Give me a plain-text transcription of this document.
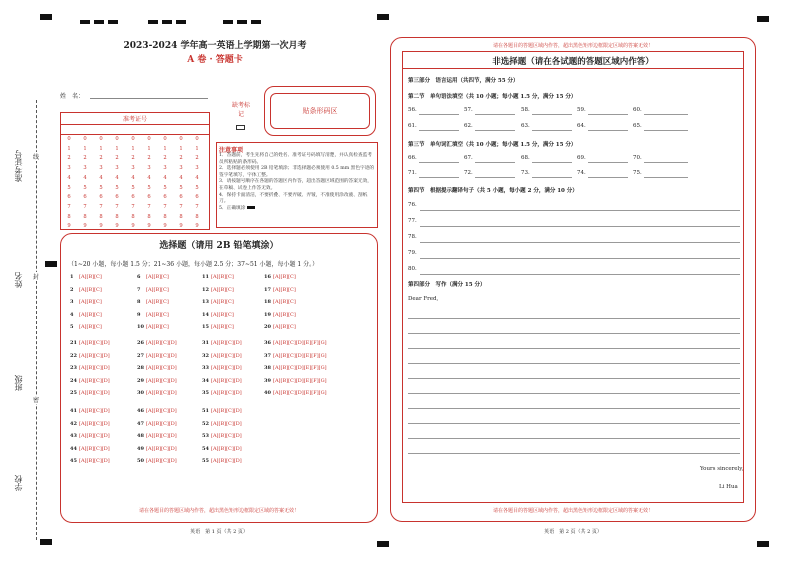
准考证号
姓名
班级
学校
线
封
密
2023-2024 学年高一英语上学期第一次月考
A 卷 · 答题卡
姓　名：
准考证号
0
1
2
3
4
5
6
7
8
9
0
1
2
3
4
5
6
7
8
9
0
1
2
3
4
5
6
7
8
9
0
1
2
3
4
5
6
7
8
9
0
1
2
3
4
5
6
7
8
9
0
1
2
3
4
5
6
7
8
9
0
1
2
3
4
5
6
7
8
9
0
1
2
3
4
5
6
7
8
9
0
1
2
3
4
5
6
7
8
9
缺考标记	贴条形码区
注意事项
1．答题前，考生先将自己的姓名、准考证号码填写清楚，并认真检查监考员所粘贴的条形码。
2．选择题必须使用 2B 铅笔填涂；非选择题必须使用 0.5 mm 黑色字迹的签字笔填写，字体工整。
3．请按题号顺序在各题的答题区内作答，超出答题区域范围的答案无效，在草稿、试卷上作答无效。
4．保持卡面清洁，不要折叠、不要弄破、弄皱，不准使用涂改液、刮纸刀。
5．正确填涂
选择题（请用 2B 铅笔填涂）
（1~20 小题，每小题 1.5 分；21~36 小题，每小题 2.5 分；37~51 小题，每小题 1 分。）
1 [A][B][C]
2 [A][B][C]
3 [A][B][C]
4 [A][B][C]
5 [A][B][C]
6 [A][B][C]
7 [A][B][C]
8 [A][B][C]
9 [A][B][C]
10 [A][B][C]
11 [A][B][C]
12 [A][B][C]
13 [A][B][C]
14 [A][B][C]
15 [A][B][C]
16 [A][B][C]
17 [A][B][C]
18 [A][B][C]
19 [A][B][C]
20 [A][B][C]
21 [A][B][C][D]
22 [A][B][C][D]
23 [A][B][C][D]
24 [A][B][C][D]
25 [A][B][C][D]
26 [A][B][C][D]
27 [A][B][C][D]
28 [A][B][C][D]
29 [A][B][C][D]
30 [A][B][C][D]
31 [A][B][C][D]
32 [A][B][C][D]
33 [A][B][C][D]
34 [A][B][C][D]
35 [A][B][C][D]
36 [A][B][C][D][E][F][G]
37 [A][B][C][D][E][F][G]
38 [A][B][C][D][E][F][G]
39 [A][B][C][D][E][F][G]
40 [A][B][C][D][E][F][G]
41 [A][B][C][D]
42 [A][B][C][D]
43 [A][B][C][D]
44 [A][B][C][D]
45 [A][B][C][D]
46 [A][B][C][D]
47 [A][B][C][D]
48 [A][B][C][D]
49 [A][B][C][D]
50 [A][B][C][D]
51 [A][B][C][D]
52 [A][B][C][D]
53 [A][B][C][D]
54 [A][B][C][D]
55 [A][B][C][D]
请在各题目的答题区域内作答，超出黑色矩形边框限定区域的答案无效！
英语　第 1 页（共 2 页）
请在各题目的答题区域内作答，超出黑色矩形边框限定区域的答案无效！
非选择题（请在各试题的答题区域内作答）
第三部分　语言运用（共四节，满分 55 分）
第二节　单句语法填空（共 10 小题；每小题 1.5 分，满分 15 分）
56.	57.	58.	59.	60.
61.	62.	63.	64.	65.
第三节　单句词汇填空（共 10 小题；每小题 1.5 分，满分 15 分）
66.	67.	68.	69.	70.
71.	72.	73.	74.	75.
第四节　根据提示翻译句子（共 5 小题，每小题 2 分，满分 10 分）
76.
77.
78.
79.
80.
第四部分　写作（满分 15 分）
Dear Fred,
Yours sincerely,
Li Hua
请在各题目的答题区域内作答，超出黑色矩形边框限定区域的答案无效！
英语　第 2 页（共 2 页）
